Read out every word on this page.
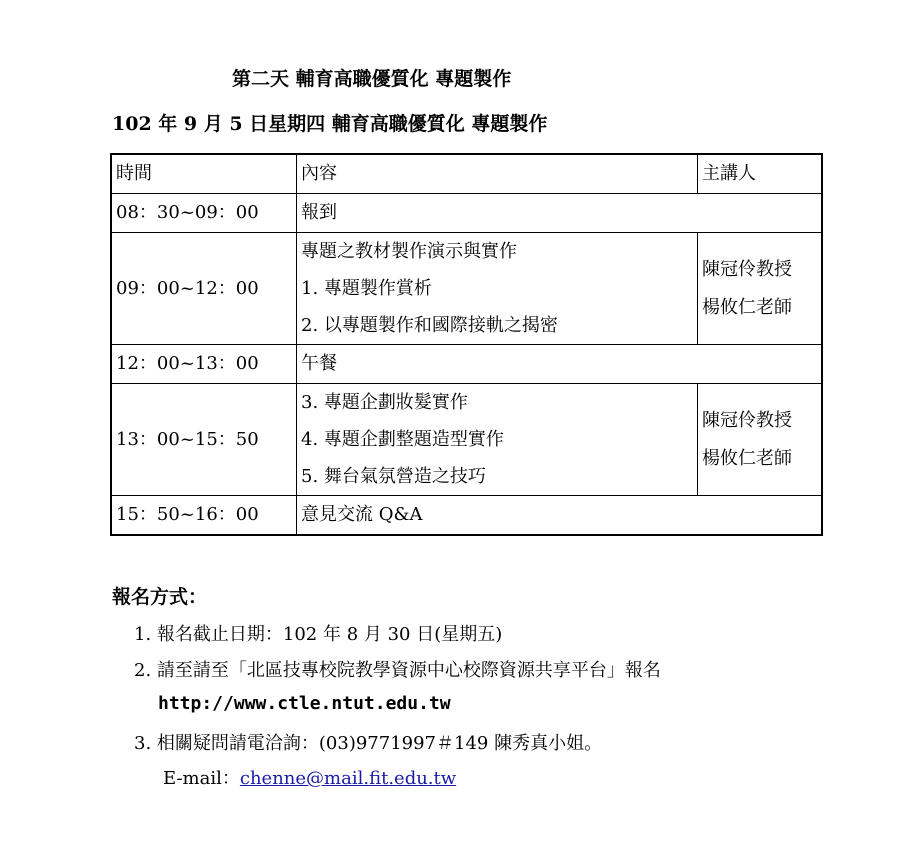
第二天 輔育高職優質化 專題製作
102 年 9 月 5 日星期四 輔育高職優質化 專題製作
時間	內容	主講人
08：30~09：00	報到	
09：00~12：00	專題之教材製作演示與實作
1. 專題製作賞析
2. 以專題製作和國際接軌之揭密	陳冠伶教授
楊攸仁老師

12：00~13：00	午餐	
13：00~15：50	3. 專題企劃妝髮實作
4. 專題企劃整題造型實作
5. 舞台氣氛營造之技巧	陳冠伶教授
楊攸仁老師

15：50~16：00	意見交流 Q&A	
報名方式：
1. 報名截止日期：102 年 8 月 30 日(星期五)
2. 請至請至「北區技專校院教學資源中心校際資源共享平台」報名
http://www.ctle.ntut.edu.tw
3. 相關疑問請電洽詢：(03)9771997＃149 陳秀真小姐。
E-mail：chenne@mail.fit.edu.tw
